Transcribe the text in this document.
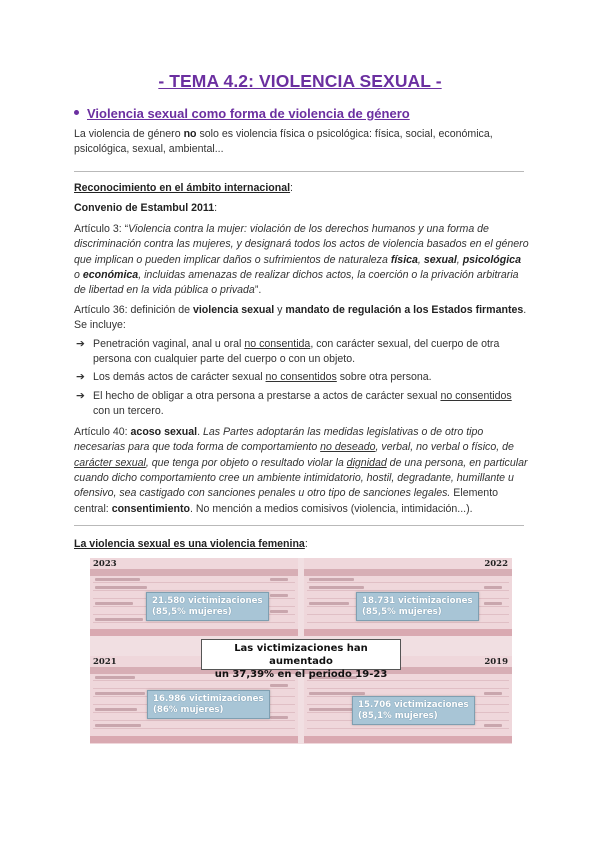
- TEMA 4.2: VIOLENCIA SEXUAL -
Violencia sexual como forma de violencia de género
La violencia de género no solo es violencia física o psicológica: física, social, económica, psicológica, sexual, ambiental...

Reconocimiento en el ámbito internacional:

Convenio de Estambul 2011:

Artículo 3: “Violencia contra la mujer: violación de los derechos humanos y una forma de discriminación contra las mujeres, y designará todos los actos de violencia basados en el género que implican o pueden implicar daños o sufrimientos de naturaleza física, sexual, psicológica o económica, incluidas amenazas de realizar dichos actos, la coerción o la privación arbitraria de libertad en la vida pública o privada”.

Artículo 36: definición de violencia sexual y mandato de regulación a los Estados firmantes. Se incluye:

➔ Penetración vaginal, anal u oral no consentida, con carácter sexual, del cuerpo de otra persona con cualquier parte del cuerpo o con un objeto.
➔ Los demás actos de carácter sexual no consentidos sobre otra persona.
➔ El hecho de obligar a otra persona a prestarse a actos de carácter sexual no consentidos con un tercero.

Artículo 40: acoso sexual. Las Partes adoptarán las medidas legislativas o de otro tipo necesarias para que toda forma de comportamiento no deseado, verbal, no verbal o físico, de carácter sexual, que tenga por objeto o resultado violar la dignidad de una persona, en particular cuando dicho comportamiento cree un ambiente intimidatorio, hostil, degradante, humillante u ofensivo, sea castigado con sanciones penales u otro tipo de sanciones legales. Elemento central: consentimiento. No mención a medios comisivos (violencia, intimidación...).

La violencia sexual es una violencia femenina:
2023	2022
2021	2019
21.580 victimizaciones
(85,5% mujeres)
18.731 victimizaciones
(85,5% mujeres)
16.986 victimizaciones
(86% mujeres)	15.706 victimizaciones
(85,1% mujeres)
Las victimizaciones han aumentado
un 37,39% en el periodo 19-23
